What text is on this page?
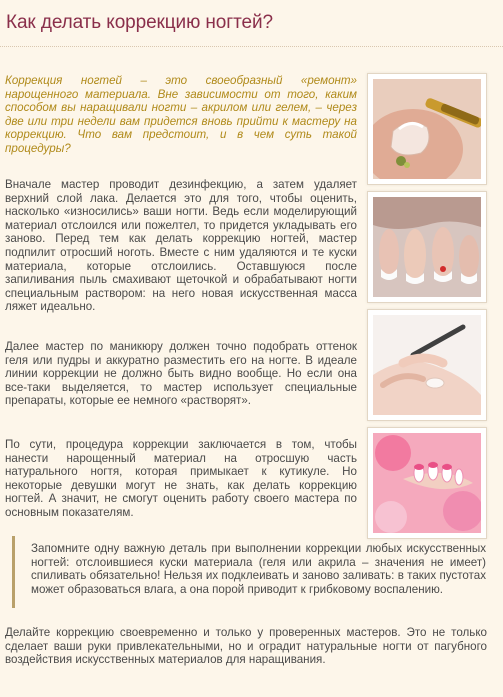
Как делать коррекцию ногтей?

Коррекция ногтей – это своеобразный «ремонт» нарощенного материала. Вне зависимости от того, каким способом вы наращивали ногти – акрилом или гелем, – через две или три недели вам придется вновь прийти к мастеру на коррекцию. Что вам предстоит, и в чем суть такой процедуры?

Вначале мастер проводит дезинфекцию, а затем удаляет верхний слой лака. Делается это для того, чтобы оценить, насколько «износились» ваши ногти. Ведь если моделирующий материал отслоился или пожелтел, то придется укладывать его заново. Перед тем как делать коррекцию ногтей, мастер подпилит отросший ноготь. Вместе с ним удаляются и те куски материала, которые отслоились. Оставшуюся после запиливания пыль смахивают щеточкой и обрабатывают ногти специальным раствором: на него новая искусственная масса ляжет идеально.

Далее мастер по маникюру должен точно подобрать оттенок геля или пудры и аккуратно разместить его на ногте. В идеале линии коррекции не должно быть видно вообще. Но если она все-таки выделяется, то мастер использует специальные препараты, которые ее немного «растворят».

По сути, процедура коррекции заключается в том, чтобы нанести нарощенный материал на отросшую часть натурального ногтя, которая примыкает к кутикуле. Но некоторые девушки могут не знать, как делать коррекцию ногтей. А значит, не смогут оценить работу своего мастера по основным показателям.

Запомните одну важную деталь при выполнении коррекции любых искусственных ногтей: отслоившиеся куски материала (геля или акрила – значения не имеет) спиливать обязательно! Нельзя их подклеивать и заново заливать: в таких пустотах может образоваться влага, а она порой приводит к грибковому воспалению.

Делайте коррекцию своевременно и только у проверенных мастеров. Это не только сделает ваши руки привлекательными, но и оградит натуральные ногти от пагубного воздействия искусственных материалов для наращивания.
